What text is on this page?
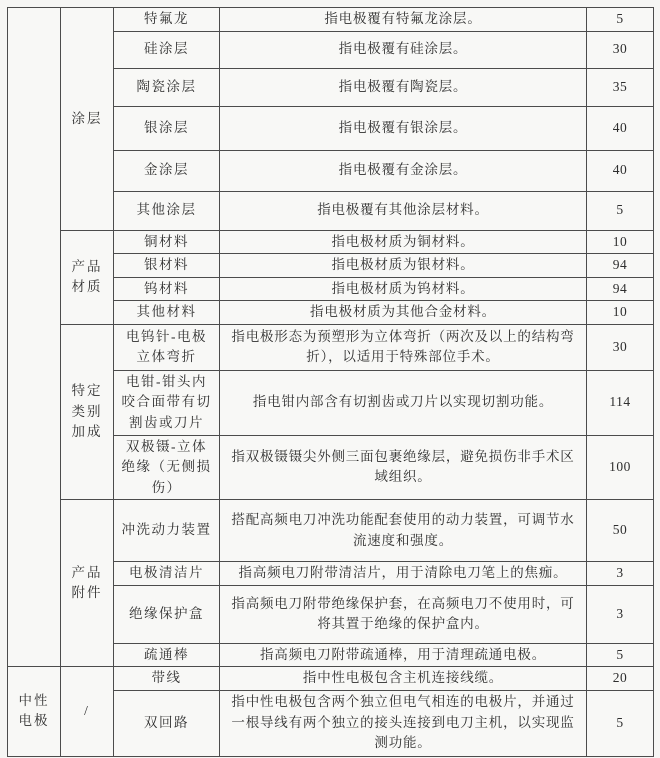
	涂层	特氟龙	指电极覆有特氟龙涂层。	5
		硅涂层	指电极覆有硅涂层。	30
		陶瓷涂层	指电极覆有陶瓷层。	35
		银涂层	指电极覆有银涂层。	40
		金涂层	指电极覆有金涂层。	40
		其他涂层	指电极覆有其他涂层材料。	5
	产品材质	铜材料	指电极材质为铜材料。	10
		银材料	指电极材质为银材料。	94
		钨材料	指电极材质为钨材料。	94
		其他材料	指电极材质为其他合金材料。	10
	特定类别加成	电钨针-电极立体弯折	指电极形态为预塑形为立体弯折（两次及以上的结构弯折），以适用于特殊部位手术。	30
		电钳-钳头内咬合面带有切割齿或刀片	指电钳内部含有切割齿或刀片以实现切割功能。	114
		双极镊-立体绝缘（无侧损伤）	指双极镊镊尖外侧三面包裹绝缘层，避免损伤非手术区域组织。	100
	产品附件	冲洗动力装置	搭配高频电刀冲洗功能配套使用的动力装置，可调节水流速度和强度。	50
		电极清洁片	指高频电刀附带清洁片，用于清除电刀笔上的焦痂。	3
		绝缘保护盒	指高频电刀附带绝缘保护套，在高频电刀不使用时，可将其置于绝缘的保护盒内。	3
		疏通棒	指高频电刀附带疏通棒，用于清理疏通电极。	5
中性电极	/	带线	指中性电极包含主机连接线缆。	20
		双回路	指中性电极包含两个独立但电气相连的电极片，并通过一根导线有两个独立的接头连接到电刀主机，以实现监测功能。	5
